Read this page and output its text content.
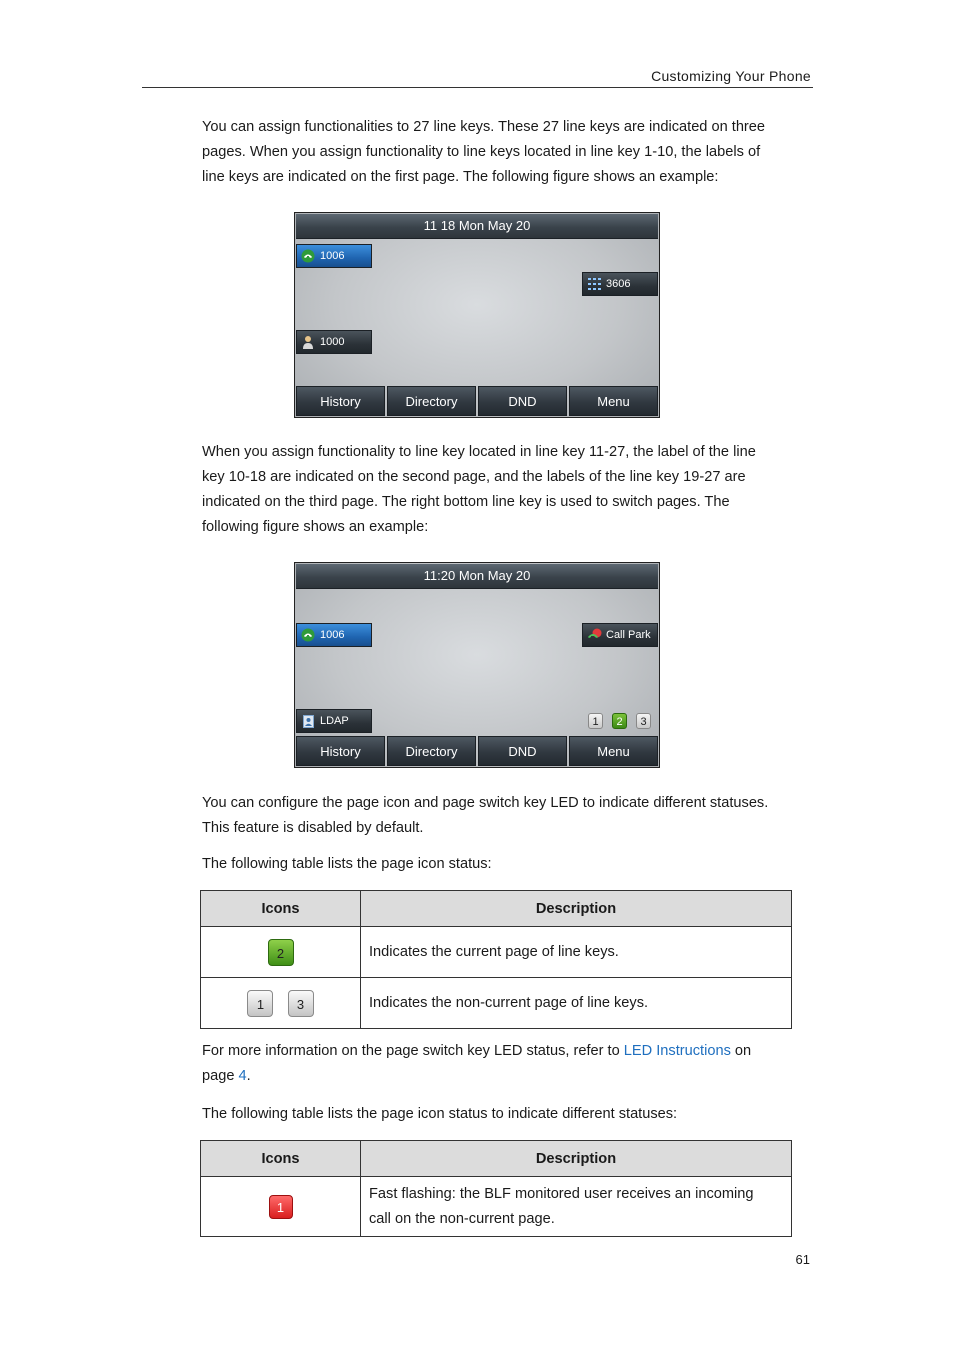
Customizing Your Phone

You can assign functionalities to 27 line keys. These 27 line keys are indicated on three

pages. When you assign functionality to line keys located in line key 1-10, the labels of

line keys are indicated on the first page. The following figure shows an example:

11 18 Mon May 20
1006
3606
1000
History	Directory	DND	Menu

When you assign functionality to line key located in line key 11-27, the label of the line

key 10-18 are indicated on the second page, and the labels of the line key 19-27 are

indicated on the third page. The right bottom line key is used to switch pages. The

following figure shows an example:

11:20 Mon May 20
1006	Call Park
LDAP	1	2	3
History	Directory	DND	Menu

You can configure the page icon and page switch key LED to indicate different statuses.

This feature is disabled by default.

The following table lists the page icon status:
Icons	Description
2	Indicates the current page of line keys.
1 3	Indicates the non-current page of line keys.

For more information on the page switch key LED status, refer to LED Instructions on

page 4.

The following table lists the page icon status to indicate different statuses:
Icons	Description
1	Fast flashing: the BLF monitored user receives an incoming
call on the non-current page.
61
